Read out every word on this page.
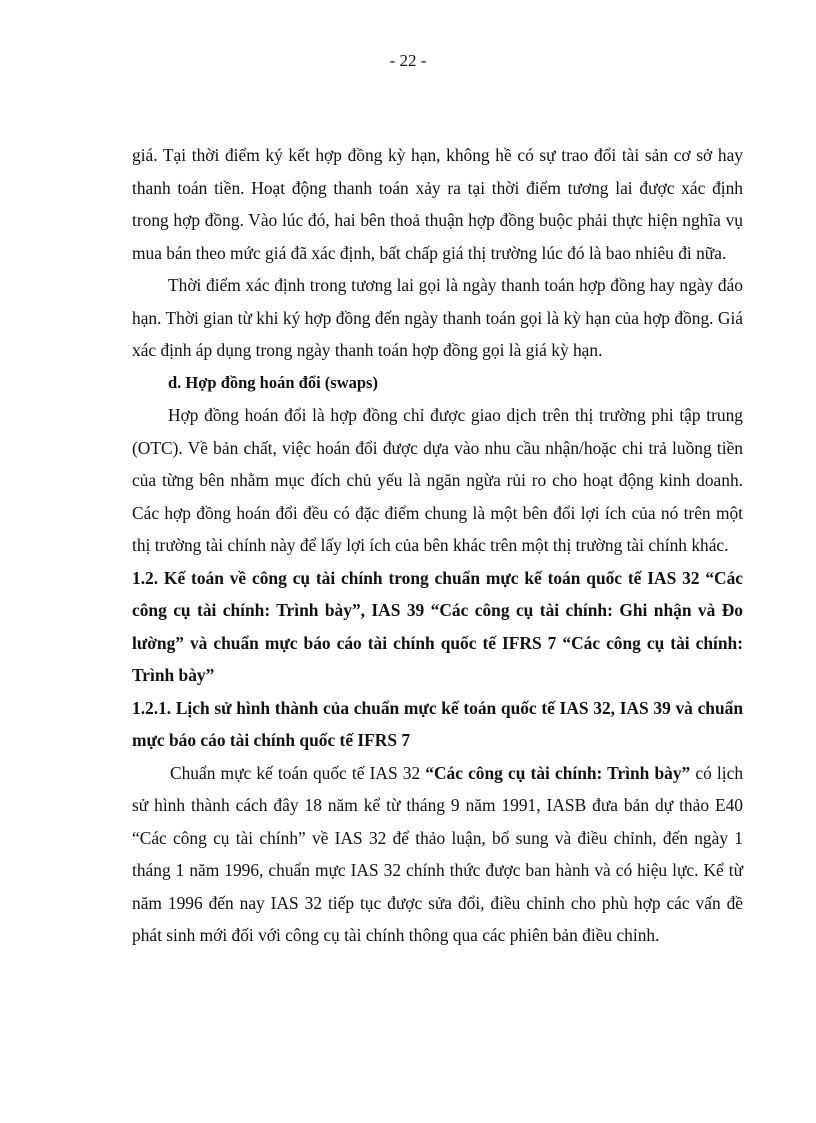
- 22 -

giá. Tại thời điểm ký kết hợp đồng kỳ hạn, không hề có sự trao đổi tài sản cơ sở hay thanh toán tiền. Hoạt động thanh toán xảy ra tại thời điểm tương lai được xác định trong hợp đồng. Vào lúc đó, hai bên thoả thuận hợp đồng buộc phải thực hiện nghĩa vụ mua bán theo mức giá đã xác định, bất chấp giá thị trường lúc đó là bao nhiêu đi nữa.

Thời điểm xác định trong tương lai gọi là ngày thanh toán hợp đồng hay ngày đáo hạn. Thời gian từ khi ký hợp đồng đến ngày thanh toán gọi là kỳ hạn của hợp đồng. Giá xác định áp dụng trong ngày thanh toán hợp đồng gọi là giá kỳ hạn.

d. Hợp đồng hoán đổi (swaps)

Hợp đồng hoán đổi là hợp đồng chỉ được giao dịch trên thị trường phi tập trung (OTC). Về bản chất, việc hoán đổi được dựa vào nhu cầu nhận/hoặc chi trả luồng tiền của từng bên nhằm mục đích chủ yếu là ngăn ngừa rủi ro cho hoạt động kinh doanh. Các hợp đồng hoán đổi đều có đặc điểm chung là một bên đổi lợi ích của nó trên một thị trường tài chính này để lấy lợi ích của bên khác trên một thị trường tài chính khác.

1.2. Kế toán về công cụ tài chính trong chuẩn mực kế toán quốc tế IAS 32 “Các công cụ tài chính: Trình bày”, IAS 39 “Các công cụ tài chính: Ghi nhận và Đo lường” và chuẩn mực báo cáo tài chính quốc tế IFRS 7 “Các công cụ tài chính: Trình bày”

1.2.1. Lịch sử hình thành của chuẩn mực kế toán quốc tế IAS 32, IAS 39 và chuẩn mực báo cáo tài chính quốc tế IFRS 7

Chuẩn mực kế toán quốc tế IAS 32 “Các công cụ tài chính: Trình bày” có lịch sử hình thành cách đây 18 năm kể từ tháng 9 năm 1991, IASB đưa bản dự thảo E40 “Các công cụ tài chính” về IAS 32 để thảo luận, bổ sung và điều chỉnh, đến ngày 1 tháng 1 năm 1996, chuẩn mực IAS 32 chính thức được ban hành và có hiệu lực. Kể từ năm 1996 đến nay IAS 32 tiếp tục được sửa đổi, điều chỉnh cho phù hợp các vấn đề phát sinh mới đối với công cụ tài chính thông qua các phiên bản điều chỉnh.
